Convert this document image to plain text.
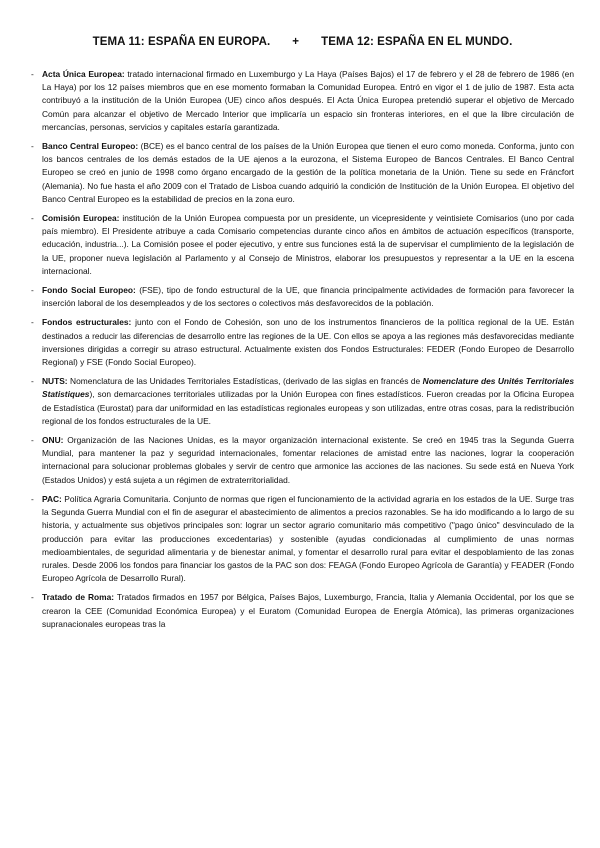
TEMA 11: ESPAÑA EN EUROPA. + TEMA 12: ESPAÑA EN EL MUNDO.
- Acta Única Europea: tratado internacional firmado en Luxemburgo y La Haya (Países Bajos) el 17 de febrero y el 28 de febrero de 1986 (en La Haya) por los 12 países miembros que en ese momento formaban la Comunidad Europea. Entró en vigor el 1 de julio de 1987. Esta acta contribuyó a la institución de la Unión Europea (UE) cinco años después. El Acta Única Europea pretendió superar el objetivo de Mercado Común para alcanzar el objetivo de Mercado Interior que implicaría un espacio sin fronteras interiores, en el que la libre circulación de mercancías, personas, servicios y capitales estaría garantizada.
- Banco Central Europeo: (BCE) es el banco central de los países de la Unión Europea que tienen el euro como moneda. Conforma, junto con los bancos centrales de los demás estados de la UE ajenos a la eurozona, el Sistema Europeo de Bancos Centrales. El Banco Central Europeo se creó en junio de 1998 como órgano encargado de la gestión de la política monetaria de la Unión. Tiene su sede en Fráncfort (Alemania). No fue hasta el año 2009 con el Tratado de Lisboa cuando adquirió la condición de Institución de la Unión Europea. El objetivo del Banco Central Europeo es la estabilidad de precios en la zona euro.
- Comisión Europea: institución de la Unión Europea compuesta por un presidente, un vicepresidente y veintisiete Comisarios (uno por cada país miembro). El Presidente atribuye a cada Comisario competencias durante cinco años en ámbitos de actuación específicos (transporte, educación, industria...). La Comisión posee el poder ejecutivo, y entre sus funciones está la de supervisar el cumplimiento de la legislación de la UE, proponer nueva legislación al Parlamento y al Consejo de Ministros, elaborar los presupuestos y representar a la UE en la escena internacional.
- Fondo Social Europeo: (FSE), tipo de fondo estructural de la UE, que financia principalmente actividades de formación para favorecer la inserción laboral de los desempleados y de los sectores o colectivos más desfavorecidos de la población.
- Fondos estructurales: junto con el Fondo de Cohesión, son uno de los instrumentos financieros de la política regional de la UE. Están destinados a reducir las diferencias de desarrollo entre las regiones de la UE. Con ellos se apoya a las regiones más desfavorecidas mediante inversiones dirigidas a corregir su atraso estructural. Actualmente existen dos Fondos Estructurales: FEDER (Fondo Europeo de Desarrollo Regional) y FSE (Fondo Social Europeo).
- NUTS: Nomenclatura de las Unidades Territoriales Estadísticas, (derivado de las siglas en francés de Nomenclature des Unités Territoriales Statistiques), son demarcaciones territoriales utilizadas por la Unión Europea con fines estadísticos. Fueron creadas por la Oficina Europea de Estadística (Eurostat) para dar uniformidad en las estadísticas regionales europeas y son utilizadas, entre otras cosas, para la redistribución regional de los fondos estructurales de la UE.
- ONU: Organización de las Naciones Unidas, es la mayor organización internacional existente. Se creó en 1945 tras la Segunda Guerra Mundial, para mantener la paz y seguridad internacionales, fomentar relaciones de amistad entre las naciones, lograr la cooperación internacional para solucionar problemas globales y servir de centro que armonice las acciones de las naciones. Su sede está en Nueva York (Estados Unidos) y está sujeta a un régimen de extraterritorialidad.
- PAC: Política Agraria Comunitaria. Conjunto de normas que rigen el funcionamiento de la actividad agraria en los estados de la UE. Surge tras la Segunda Guerra Mundial con el fin de asegurar el abastecimiento de alimentos a precios razonables. Se ha ido modificando a lo largo de su historia, y actualmente sus objetivos principales son: lograr un sector agrario comunitario más competitivo ("pago único" desvinculado de la producción para evitar las producciones excedentarias) y sostenible (ayudas condicionadas al cumplimiento de unas normas medioambientales, de seguridad alimentaria y de bienestar animal, y fomentar el desarrollo rural para evitar el despoblamiento de las zonas rurales. Desde 2006 los fondos para financiar los gastos de la PAC son dos: FEAGA (Fondo Europeo Agrícola de Garantía) y FEADER (Fondo Europeo Agrícola de Desarrollo Rural).
- Tratado de Roma: Tratados firmados en 1957 por Bélgica, Países Bajos, Luxemburgo, Francia, Italia y Alemania Occidental, por los que se crearon la CEE (Comunidad Económica Europea) y el Euratom (Comunidad Europea de Energía Atómica), las primeras organizaciones supranacionales europeas tras la
